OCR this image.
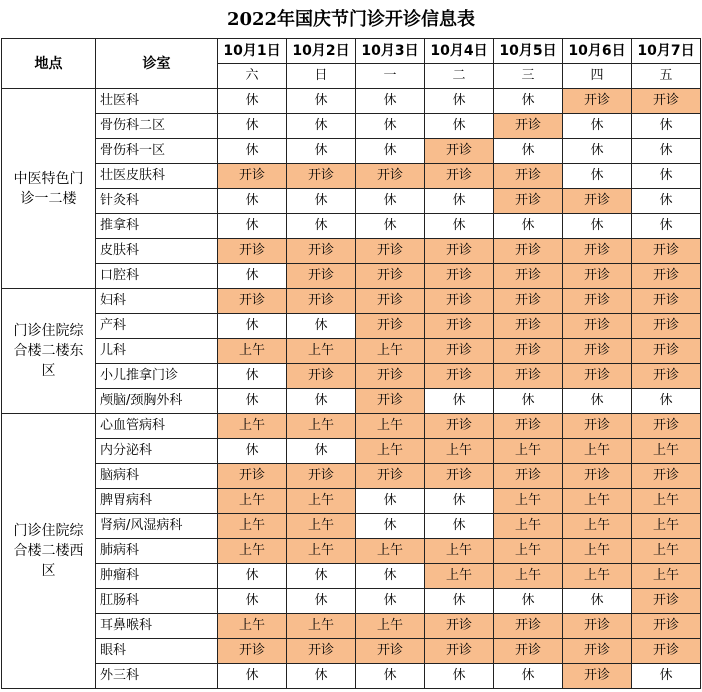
2022年国庆节门诊开诊信息表
地点	诊室	10月1日	10月2日	10月3日	10月4日	10月5日	10月6日	10月7日
		六	日	一	二	三	四	五
中医特色门诊一二楼	壮医科	休	休	休	休	休	开诊	开诊
	骨伤科二区	休	休	休	休	开诊	休	休
	骨伤科一区	休	休	休	开诊	休	休	休
	壮医皮肤科	开诊	开诊	开诊	开诊	开诊	休	休
	针灸科	休	休	休	休	开诊	开诊	休
	推拿科	休	休	休	休	休	休	休
	皮肤科	开诊	开诊	开诊	开诊	开诊	开诊	开诊
	口腔科	休	开诊	开诊	开诊	开诊	开诊	开诊
门诊住院综合楼二楼东区	妇科	开诊	开诊	开诊	开诊	开诊	开诊	开诊
	产科	休	休	开诊	开诊	开诊	开诊	开诊
	儿科	上午	上午	上午	开诊	开诊	开诊	开诊
	小儿推拿门诊	休	开诊	开诊	开诊	开诊	开诊	开诊
	颅脑/颈胸外科	休	休	开诊	休	休	休	休
门诊住院综合楼二楼西区	心血管病科	上午	上午	上午	开诊	开诊	开诊	开诊
	内分泌科	休	休	上午	上午	上午	上午	上午
	脑病科	开诊	开诊	开诊	开诊	开诊	开诊	开诊
	脾胃病科	上午	上午	休	休	上午	上午	上午
	肾病/风湿病科	上午	上午	休	休	上午	上午	上午
	肺病科	上午	上午	上午	上午	上午	上午	上午
	肿瘤科	休	休	休	上午	上午	上午	上午
	肛肠科	休	休	休	休	休	休	开诊
	耳鼻喉科	上午	上午	上午	开诊	开诊	开诊	开诊
	眼科	开诊	开诊	开诊	开诊	开诊	开诊	开诊
	外三科	休	休	休	休	休	开诊	休
